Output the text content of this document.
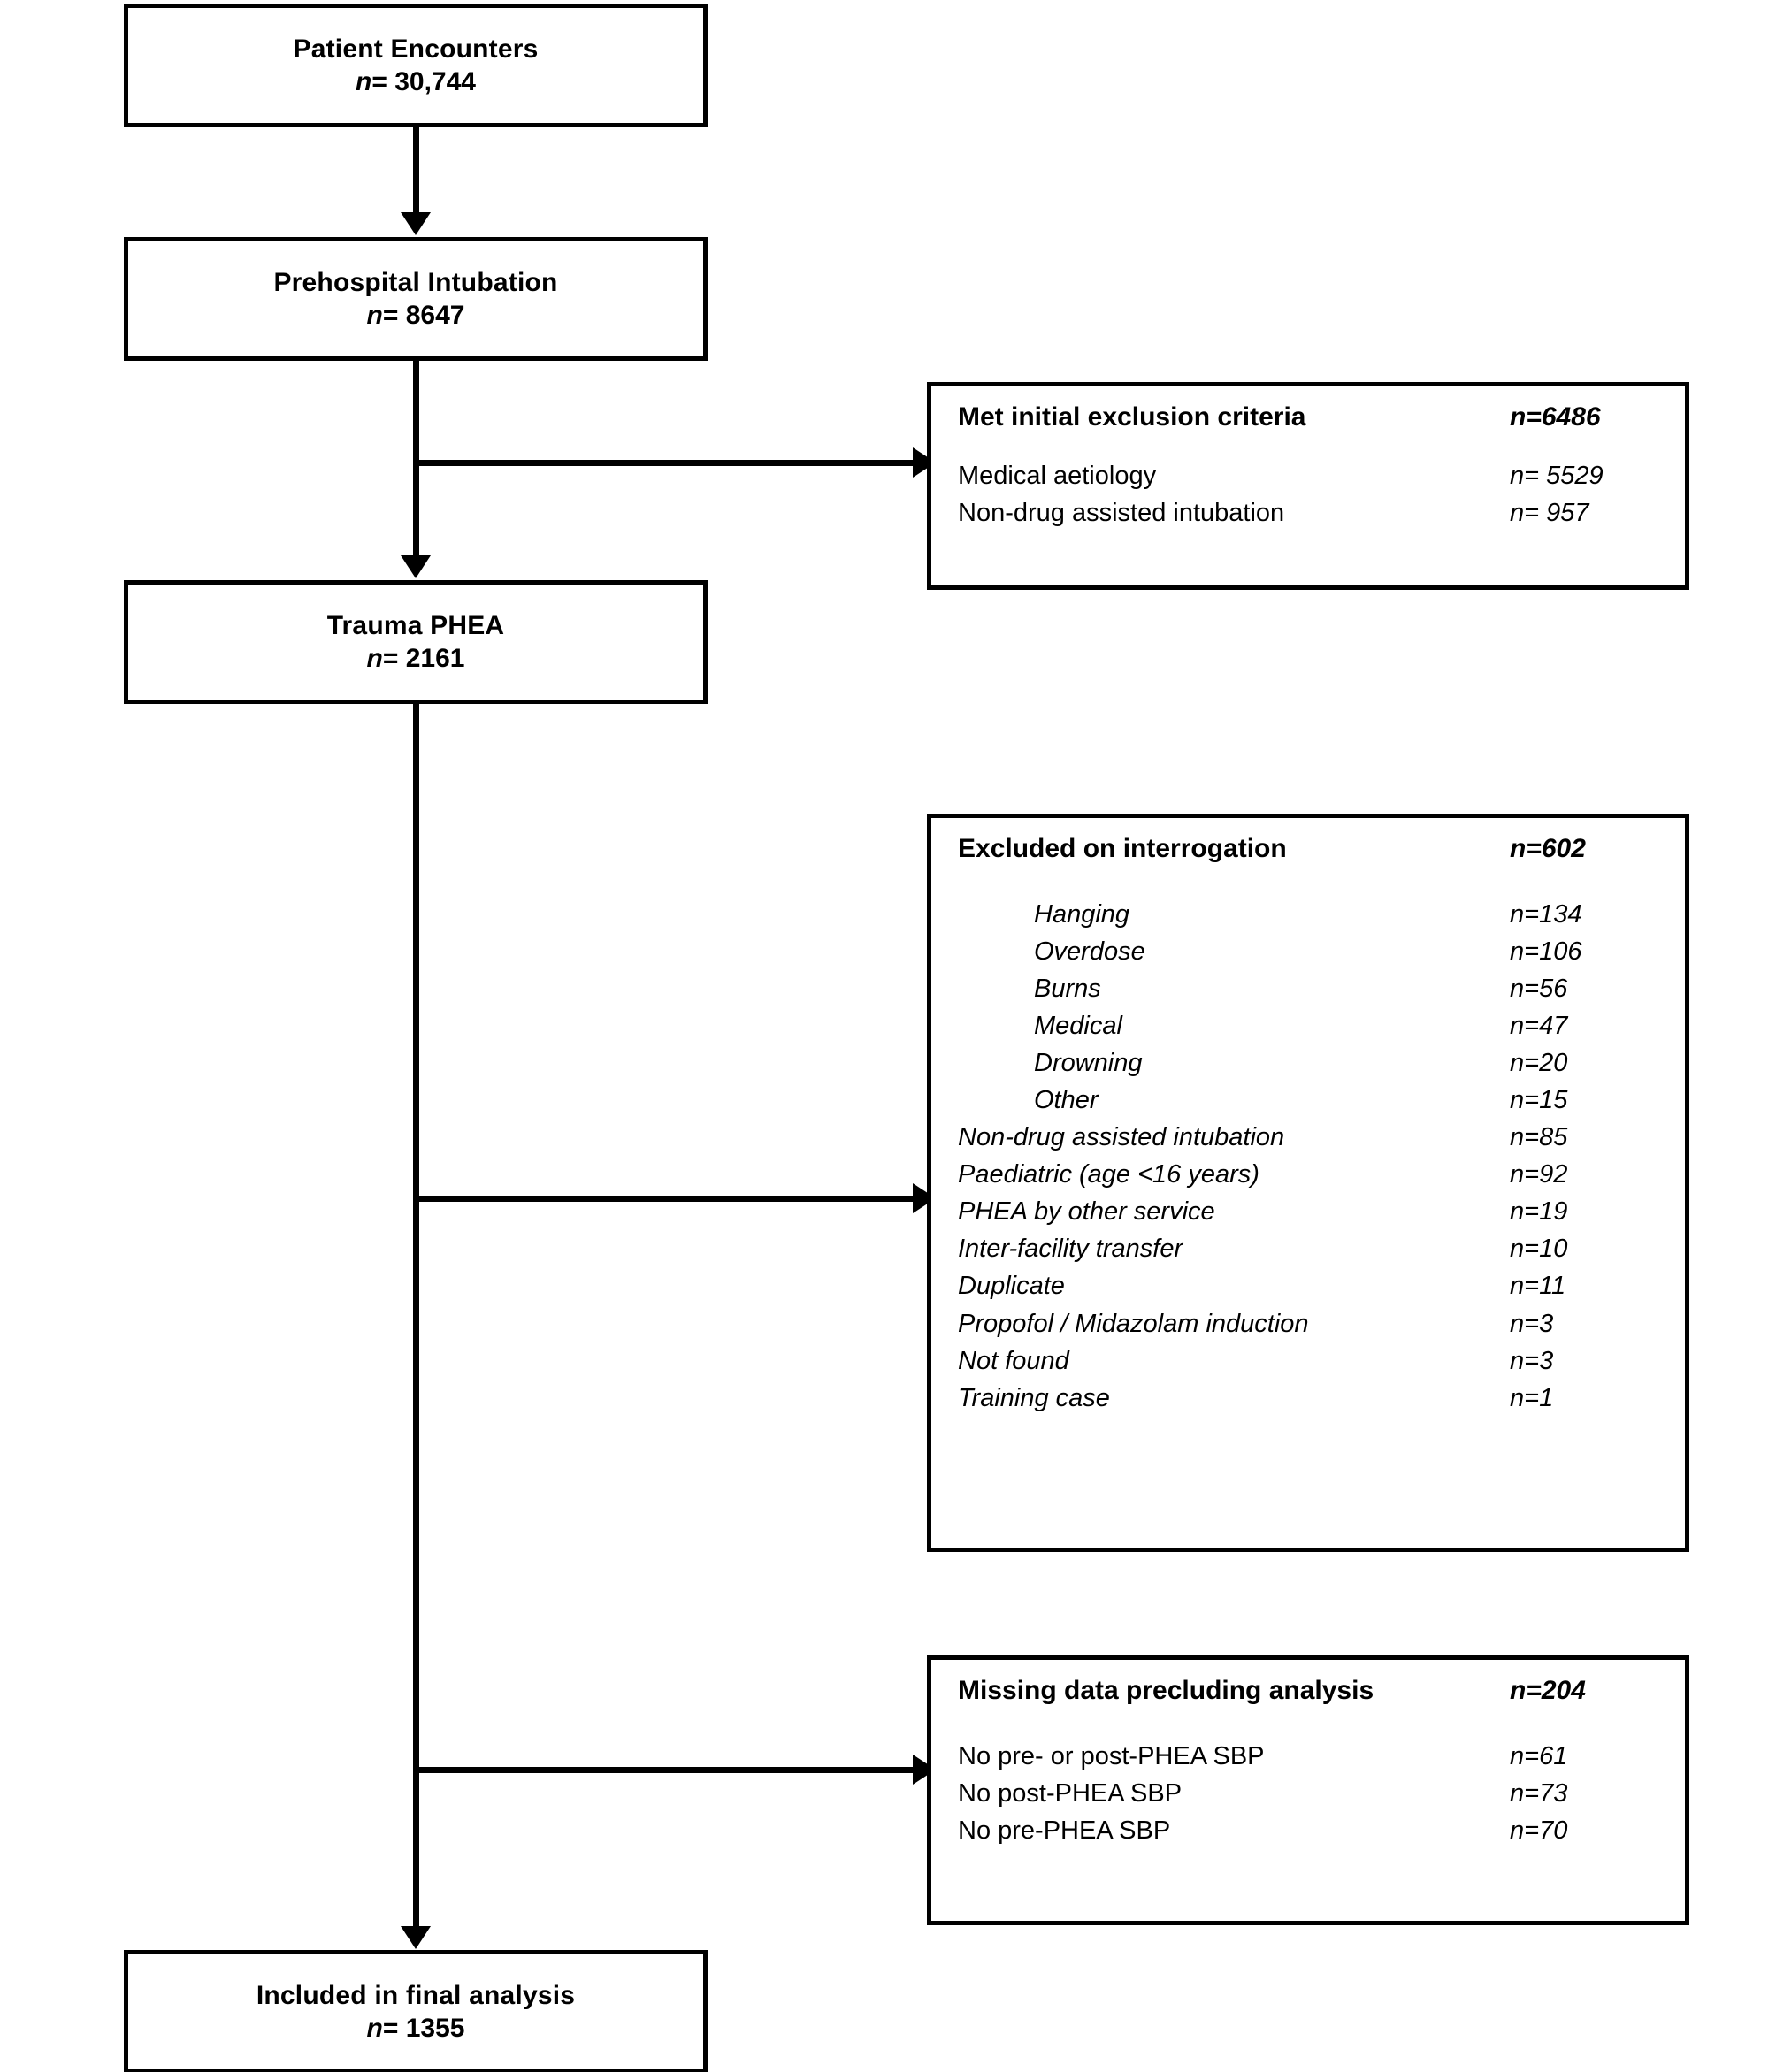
Patient Encounters
n= 30,744
Prehospital Intubation
n= 8647
Trauma PHEA
n= 2161
Included in final analysis
n= 1355
Met initial exclusion criteria	n=6486
Medical aetiology	n= 5529
Non-drug assisted intubation	n= 957
Excluded on interrogation	n=602
Hanging	n=134
Overdose	n=106
Burns	n=56
Medical	n=47
Drowning	n=20
Other	n=15
Non-drug assisted intubation	n=85
Paediatric (age <16 years)	n=92
PHEA by other service	n=19
Inter-facility transfer	n=10
Duplicate	n=11
Propofol / Midazolam induction	n=3
Not found	n=3
Training case	n=1
Missing data precluding analysis	n=204
No pre- or post-PHEA SBP	n=61
No post-PHEA SBP	n=73
No pre-PHEA SBP	n=70
